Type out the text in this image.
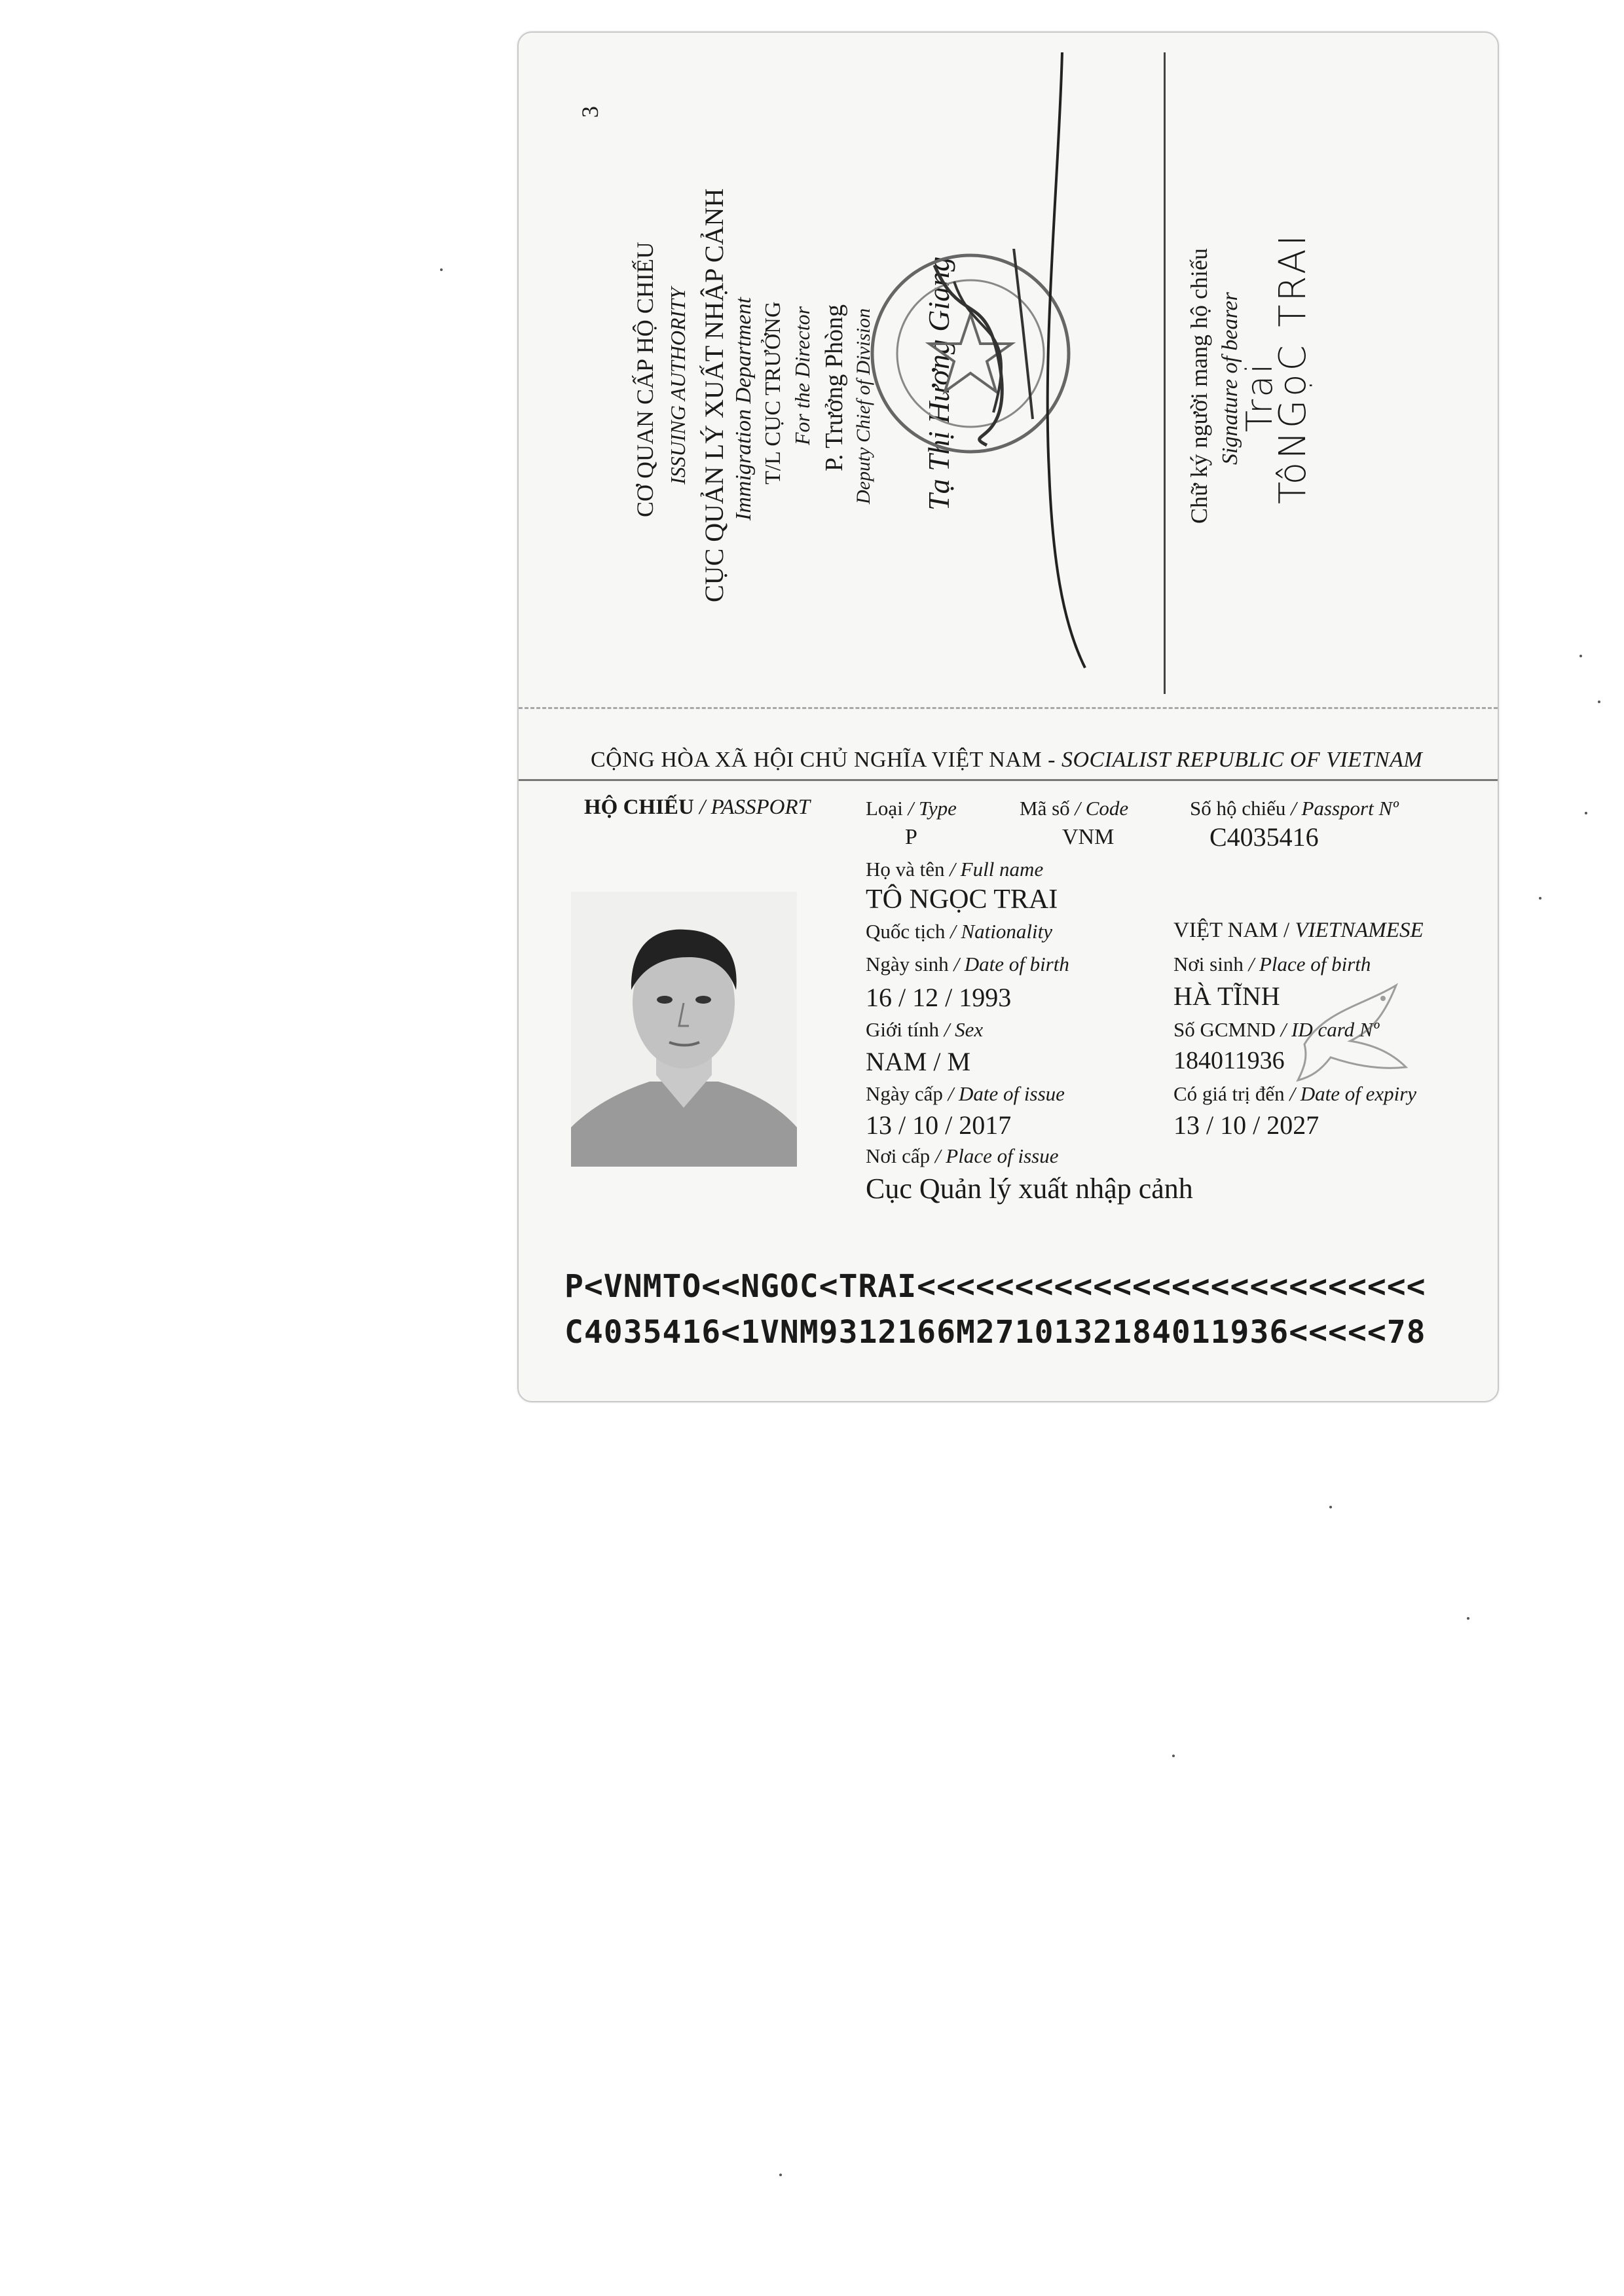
3
CƠ QUAN CẤP HỘ CHIẾU ISSUING AUTHORITY CỤC QUẢN LÝ XUẤT NHẬP CẢNH Immigration Department T/L CỤC TRƯỞNG For the Director P. Trưởng Phòng Deputy Chief of Division Tạ Thị Hương Giang	Chữ ký người mang hộ chiếu Signature of bearer
Trai
TôNGọC TRAI
CỘNG HÒA XÃ HỘI CHỦ NGHĨA VIỆT NAM - SOCIALIST REPUBLIC OF VIETNAM
HỘ CHIẾU / PASSPORT	Loại / Type	Mã số / Code	Số hộ chiếu / Passport Nº
P	VNM	C4035416
Họ và tên / Full name
TÔ NGỌC TRAI
Quốc tịch / Nationality	VIỆT NAM / VIETNAMESE
Ngày sinh / Date of birth	Nơi sinh / Place of birth
16 / 12 / 1993	HÀ TĨNH
Giới tính / Sex	Số GCMND / ID card Nº
NAM / M	184011936
Ngày cấp / Date of issue	Có giá trị đến / Date of expiry
13 / 10 / 2017	13 / 10 / 2027
Nơi cấp / Place of issue
Cục Quản lý xuất nhập cảnh
P<VNMTO<<NGOC<TRAI<<<<<<<<<<<<<<<<<<<<<<<<<<
C4035416<1VNM9312166M2710132184011936<<<<<78
